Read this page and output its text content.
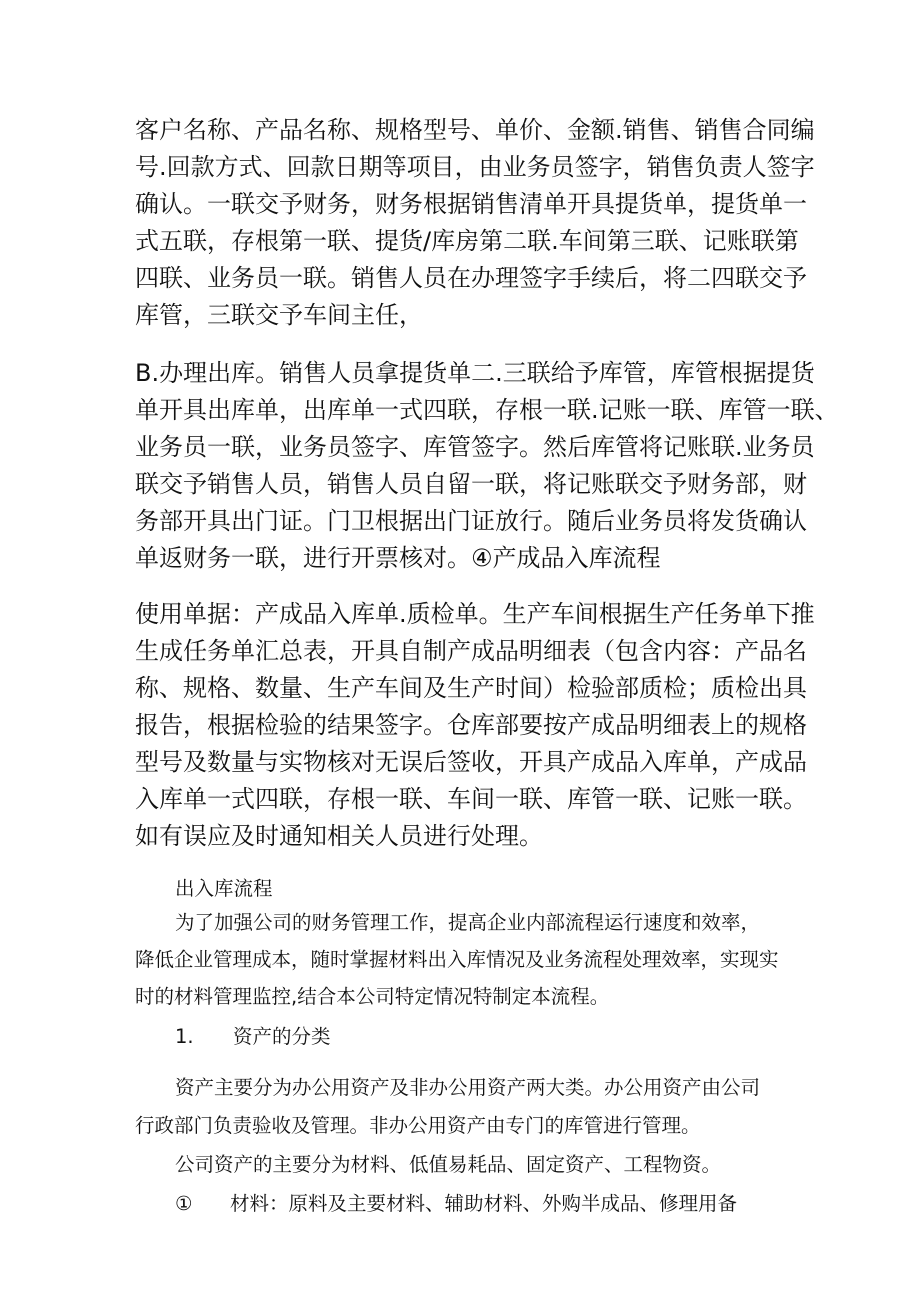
客户名称、产品名称、规格型号、单价、金额.销售、销售合同编
号.回款方式、回款日期等项目，由业务员签字，销售负责人签字
确认。一联交予财务，财务根据销售清单开具提货单，提货单一
式五联，存根第一联、提货/库房第二联.车间第三联、记账联第
四联、业务员一联。销售人员在办理签字手续后，将二四联交予
库管，三联交予车间主任，

B.办理出库。销售人员拿提货单二.三联给予库管，库管根据提货
单开具出库单，出库单一式四联，存根一联.记账一联、库管一联、
业务员一联，业务员签字、库管签字。然后库管将记账联.业务员
联交予销售人员，销售人员自留一联，将记账联交予财务部，财
务部开具出门证。门卫根据出门证放行。随后业务员将发货确认
单返财务一联，进行开票核对。④产成品入库流程

使用单据：产成品入库单.质检单。生产车间根据生产任务单下推
生成任务单汇总表，开具自制产成品明细表（包含内容：产品名
称、规格、数量、生产车间及生产时间）检验部质检；质检出具
报告，根据检验的结果签字。仓库部要按产成品明细表上的规格
型号及数量与实物核对无误后签收，开具产成品入库单，产成品
入库单一式四联，存根一联、车间一联、库管一联、记账一联。
如有误应及时通知相关人员进行处理。

出入库流程

为了加强公司的财务管理工作，提高企业内部流程运行速度和效率，
降低企业管理成本，随时掌握材料出入库情况及业务流程处理效率，实现实
时的材料管理监控,结合本公司特定情况特制定本流程。

1. 资产的分类

资产主要分为办公用资产及非办公用资产两大类。办公用资产由公司
行政部门负责验收及管理。非办公用资产由专门的库管进行管理。

公司资产的主要分为材料、低值易耗品、固定资产、工程物资。

① 材料：原料及主要材料、辅助材料、外购半成品、修理用备
